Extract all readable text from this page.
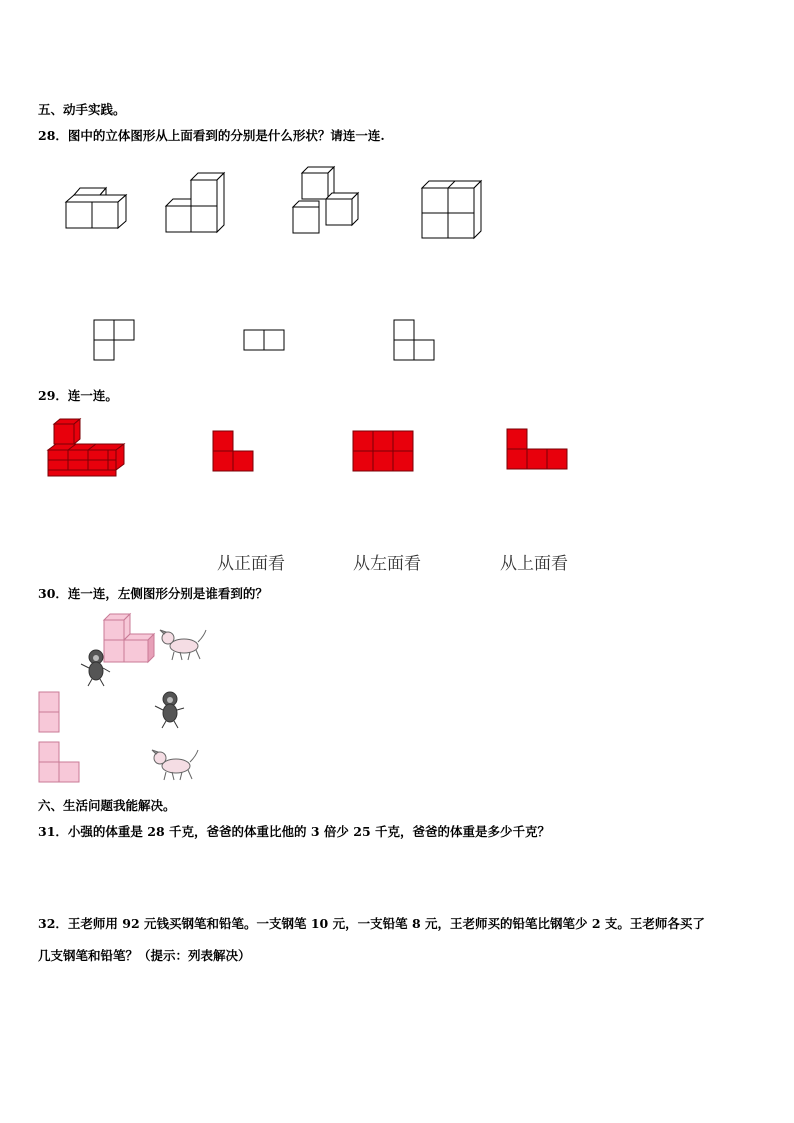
五、动手实践。
28．图中的立体图形从上面看到的分别是什么形状？请连一连.
29．连一连。
从正面看	从左面看	从上面看
30．连一连，左侧图形分别是谁看到的？
六、生活问题我能解决。
31．小强的体重是 28 千克，爸爸的体重比他的 3 倍少 25 千克，爸爸的体重是多少千克？
32．王老师用 92 元钱买钢笔和铅笔。一支钢笔 10 元，一支铅笔 8 元，王老师买的铅笔比钢笔少 2 支。王老师各买了
几支钢笔和铅笔？（提示：列表解决）
